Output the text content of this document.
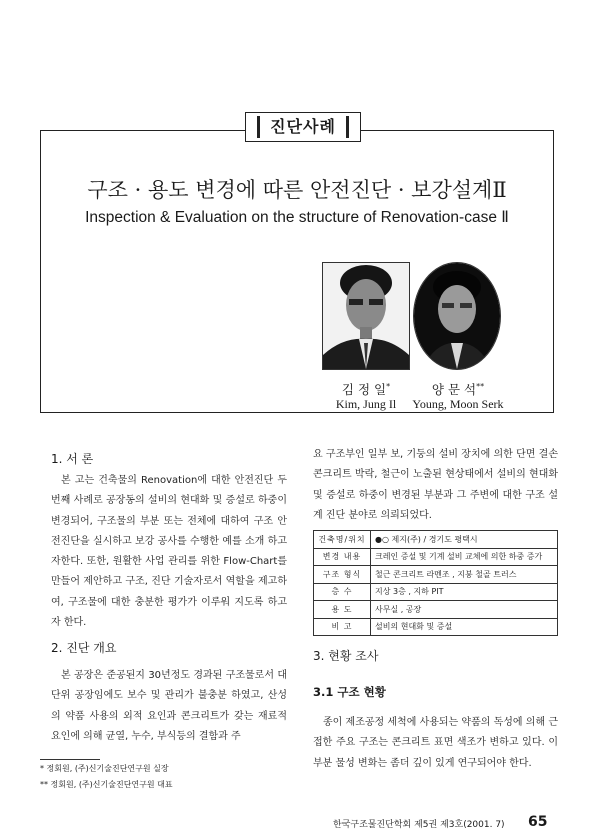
진단사례
구조 · 용도 변경에 따른 안전진단 · 보강설계Ⅱ
Inspection & Evaluation on the structure of Renovation-case Ⅱ
김 정 일*
Kim, Jung Il
양 문 석**
Young, Moon Serk
1. 서 론

본 고는 건축물의 Renovation에 대한 안전진단 두 번째 사례로 공장동의 설비의 현대화 및 증설로 하중이 변경되어, 구조물의 부분 또는 전체에 대하여 구조 안전진단을 실시하고 보강 공사를 수행한 예를 소개 하고자한다. 또한, 원활한 사업 관리를 위한 Flow-Chart를 만들어 제안하고 구조, 진단 기술자로서 역할을 제고하여, 구조물에 대한 충분한 평가가 이루워 지도록 하고자 한다.

2. 진단 개요

본 공장은 준공된지 30년정도 경과된 구조물로서 대단위 공장임에도 보수 및 관리가 불충분 하였고, 산성의 약품 사용의 외적 요인과 콘크리트가 갖는 재료적 요인에 의해 균열, 누수, 부식등의 결함과 주

요 구조부인 일부 보, 기둥의 설비 장치에 의한 단면 결손 콘크리트 박락, 철근이 노출된 현상태에서 설비의 현대화 및 증설로 하중이 변경된 부분과 그 주변에 대한 구조 설계 진단 분야로 의뢰되었다.

건축명/위치	●○ 제지(주) / 경기도 평택시
변경 내용	크레인 증설 및 기계 설비 교체에 의한 하중 증가
구조 형식	철근 콘크리트 라멘조 , 지붕 철골 트러스
층 수	지상 3층 , 지하 PIT
용 도	사무실 , 공장
비 고	설비의 현대화 및 증설
3. 현황 조사
3.1 구조 현황

종이 제조공정 세척에 사용되는 약품의 독성에 의해 근접한 주요 구조는 콘크리트 표면 색조가 변하고 있다. 이부분 물성 변화는 좀더 깊이 있게 연구되어야 한다.

* 정회원, (주)신기술진단연구원 실장
** 정회원, (주)신기술진단연구원 대표
한국구조물진단학회 제5권 제3호(2001. 7) 65
